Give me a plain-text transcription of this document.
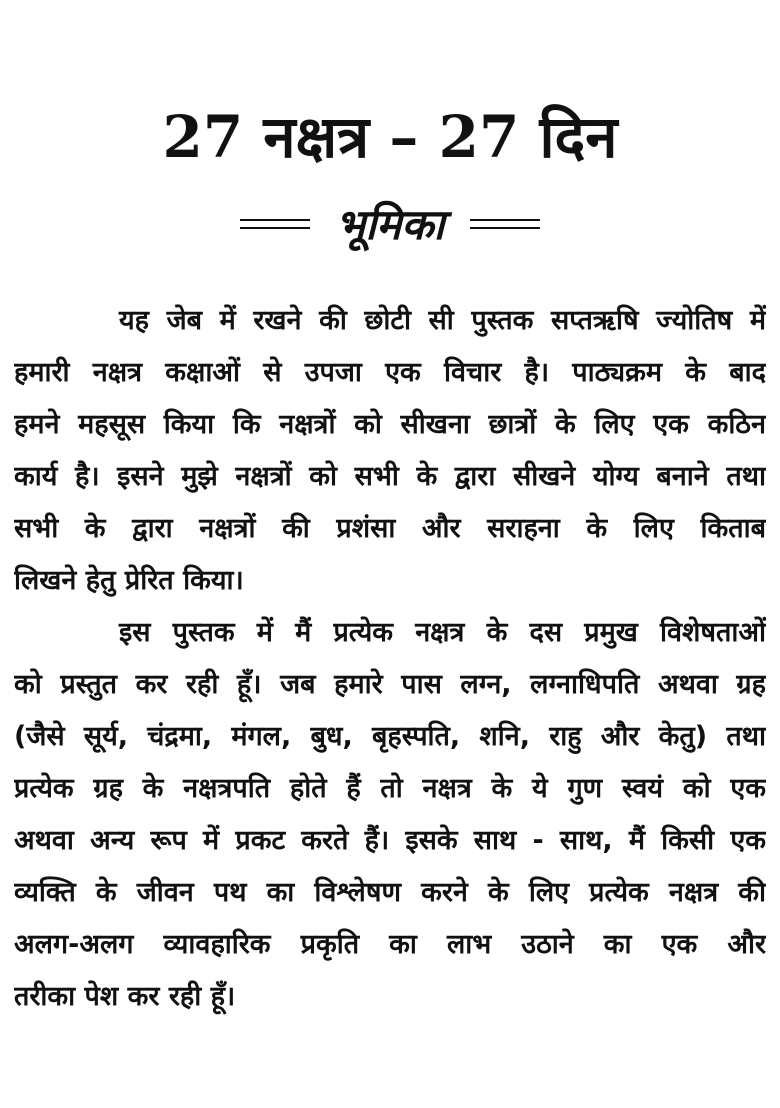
27 नक्षत्र – 27 दिन
भूमिका
यह जेब में रखने की छोटी सी पुस्तक सप्तऋषि ज्योतिष में
हमारी नक्षत्र कक्षाओं से उपजा एक विचार है। पाठ्यक्रम के बाद
हमने महसूस किया कि नक्षत्रों को सीखना छात्रों के लिए एक कठिन
कार्य है। इसने मुझे नक्षत्रों को सभी के द्वारा सीखने योग्य बनाने तथा
सभी के द्वारा नक्षत्रों की प्रशंसा और सराहना के लिए किताब
लिखने हेतु प्रेरित किया।
इस पुस्तक में मैं प्रत्येक नक्षत्र के दस प्रमुख विशेषताओं
को प्रस्तुत कर रही हूँ। जब हमारे पास लग्न, लग्नाधिपति अथवा ग्रह
(जैसे सूर्य, चंद्रमा, मंगल, बुध, बृहस्पति, शनि, राहु और केतु) तथा
प्रत्येक ग्रह के नक्षत्रपति होते हैं तो नक्षत्र के ये गुण स्वयं को एक
अथवा अन्य रूप में प्रकट करते हैं। इसके साथ - साथ, मैं किसी एक
व्यक्ति के जीवन पथ का विश्लेषण करने के लिए प्रत्येक नक्षत्र की
अलग-अलग व्यावहारिक प्रकृति का लाभ उठाने का एक और
तरीका पेश कर रही हूँ।
